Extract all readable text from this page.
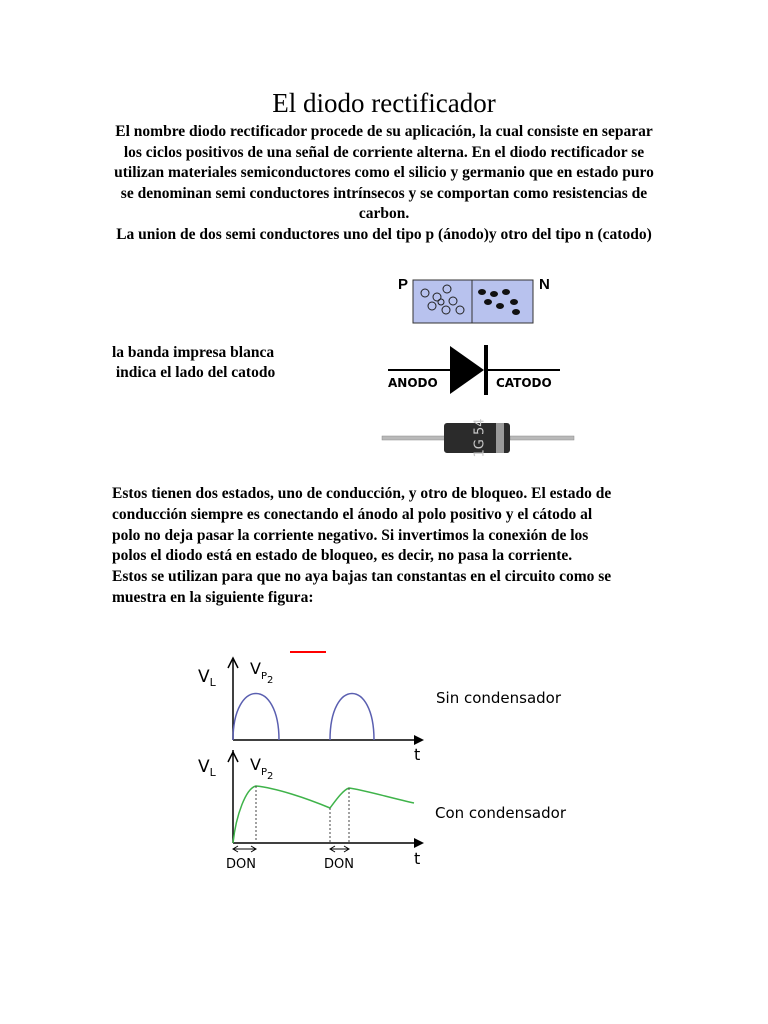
El diodo rectificador

El nombre diodo rectificador procede de su aplicación, la cual consiste en separar los ciclos positivos de una señal de corriente alterna. En el diodo rectificador se utilizan materiales semiconductores como el silicio y germanio que en estado puro se denominan semi conductores intrínsecos y se comportan como resistencias de carbon.

La union de dos semi conductores uno del tipo p (ánodo)y otro del tipo n (catodo)

P	N
la banda impresa blanca
indica el lado del catodo
ANODO	CATODO
1G 54
Estos tienen dos estados, uno de conducción, y otro de bloqueo. El estado de
conducción siempre es conectando el ánodo al polo positivo y el cátodo al
polo no deja pasar la corriente negativo. Si invertimos la conexión de los
polos el diodo está en estado de bloqueo, es decir, no pasa la corriente.
Estos se utilizan para que no aya bajas tan constantas en el circuito como se
muestra en la siguiente figura:
$V_L$
t
$V_{P2}$
Sin condensador
$V_L$
t
$V_{P2}$
DON	DON
Con condensador
